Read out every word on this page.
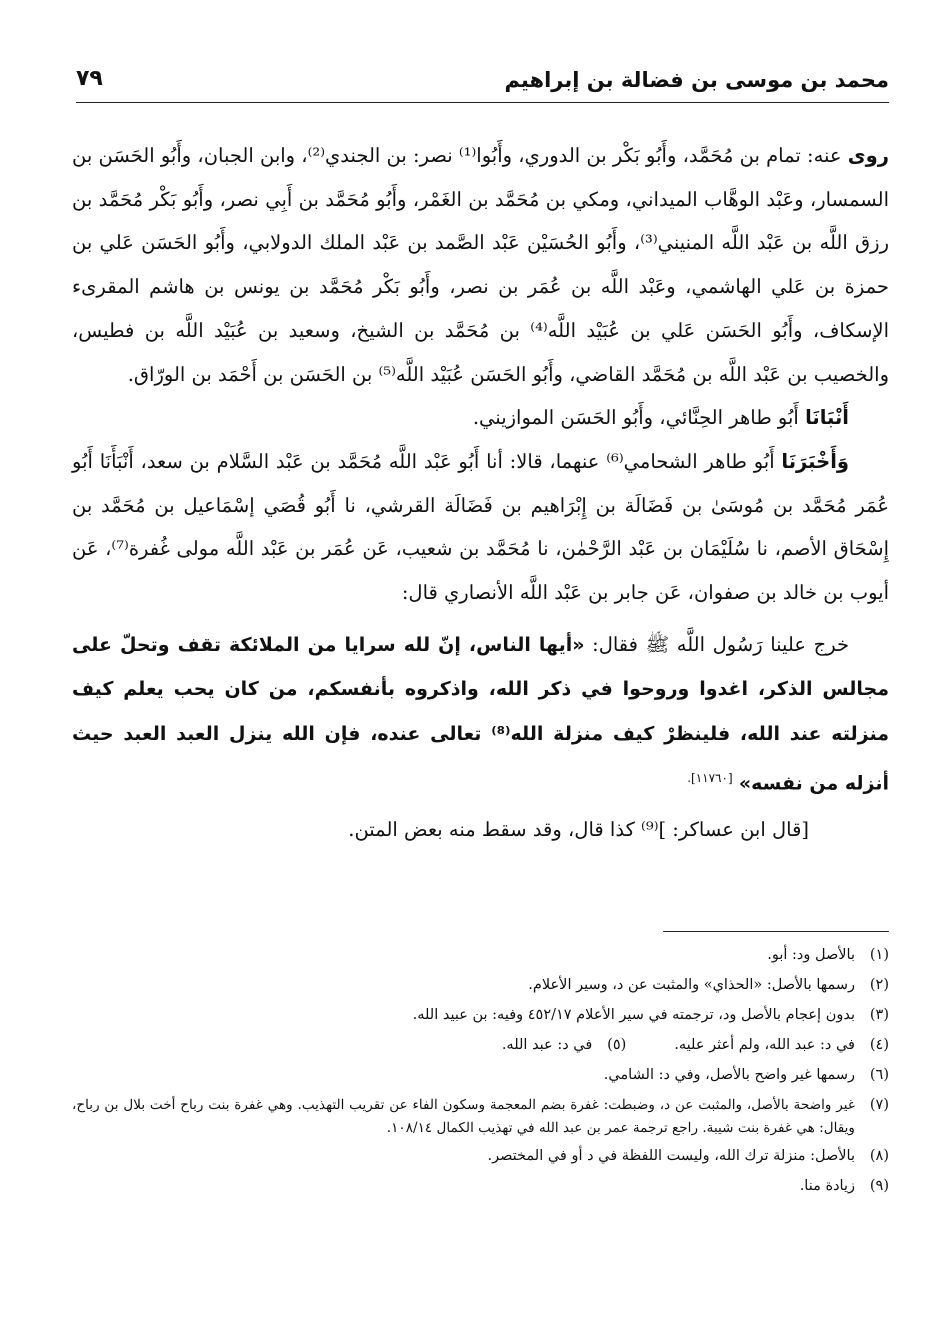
محمد بن موسى بن فضالة بن إبراهيم
٧٩

روى عنه: تمام بن مُحَمَّد، وأَبُو بَكْر بن الدوري، وأَبُوا⁽¹⁾ نصر: بن الجندي⁽²⁾، وابن الجبان، وأَبُو الحَسَن بن السمسار، وعَبْد الوهَّاب الميداني، ومكي بن مُحَمَّد بن الغَمْر، وأَبُو مُحَمَّد بن أَبِي نصر، وأَبُو بَكْر مُحَمَّد بن رزق اللَّه بن عَبْد اللَّه المنيني⁽³⁾، وأَبُو الحُسَيْن عَبْد الصَّمد بن عَبْد الملك الدولابي، وأَبُو الحَسَن عَلي بن حمزة بن عَلي الهاشمي، وعَبْد اللَّه بن عُمَر بن نصر، وأَبُو بَكْر مُحَمَّد بن يونس بن هاشم المقرىء الإسكاف، وأَبُو الحَسَن عَلي بن عُبَيْد اللَّه⁽⁴⁾ بن مُحَمَّد بن الشيخ، وسعيد بن عُبَيْد اللَّه بن فطيس، والخصيب بن عَبْد اللَّه بن مُحَمَّد القاضي، وأَبُو الحَسَن عُبَيْد اللَّه⁽⁵⁾ بن الحَسَن بن أَحْمَد بن الورّاق.

أَنْبَانَا أَبُو طاهر الحِنَّائي، وأَبُو الحَسَن الموازيني.

وَأَخْبَرَنَا أَبُو طاهر الشحامي⁽⁶⁾ عنهما، قالا: أنا أَبُو عَبْد اللَّه مُحَمَّد بن عَبْد السَّلام بن سعد، أَنْبَأَنَا أَبُو عُمَر مُحَمَّد بن مُوسَىٰ بن فَضَالَة بن إِبْرَاهيم بن فَضَالَة القرشي، نا أَبُو قُصَي إسْمَاعيل بن مُحَمَّد بن إِسْحَاق الأصم، نا سُلَيْمَان بن عَبْد الرَّحْمٰن، نا مُحَمَّد بن شعيب، عَن عُمَر بن عَبْد اللَّه مولى غُفرة⁽⁷⁾، عَن أيوب بن خالد بن صفوان، عَن جابر بن عَبْد اللَّه الأنصاري قال:

خرج علينا رَسُول اللَّه ﷺ فقال: «أيها الناس، إنّ لله سرايا من الملائكة تقف وتحلّ على مجالس الذكر، اغدوا وروحوا في ذكر الله، واذكروه بأنفسكم، من كان يحب يعلم كيف منزلته عند الله، فلينظرْ كيف منزلة الله⁽⁸⁾ تعالى عنده، فإن الله ينزل العبد العبد حيث أنزله من نفسه» $^{[١١٧٦٠].}$

[قال ابن عساكر: ]⁽⁹⁾ كذا قال، وقد سقط منه بعض المتن.

(١)
بالأصل ود: أبو.
(٢)
رسمها بالأصل: «الحذاي» والمثبت عن د، وسير الأعلام.
(٣)
بدون إعجام بالأصل ود، ترجمته في سير الأعلام ٤٥٢/١٧ وفيه: بن عبيد الله.
(٤)
في د: عبد الله، ولم أعثر عليه.
(٥)
في د: عبد الله.
(٦)
رسمها غير واضح بالأصل، وفي د: الشامي.
(٧)
غير واضحة بالأصل، والمثبت عن د، وضبطت: غفرة بضم المعجمة وسكون الفاء عن تقريب التهذيب. وهي غفرة بنت رباح أخت بلال بن رباح، ويقال: هي غفرة بنت شيبة. راجع ترجمة عمر بن عبد الله في تهذيب الكمال ١٠٨/١٤.
(٨)
بالأصل: منزلة ترك الله، وليست اللفظة في د أو في المختصر.
(٩)
زيادة منا.
